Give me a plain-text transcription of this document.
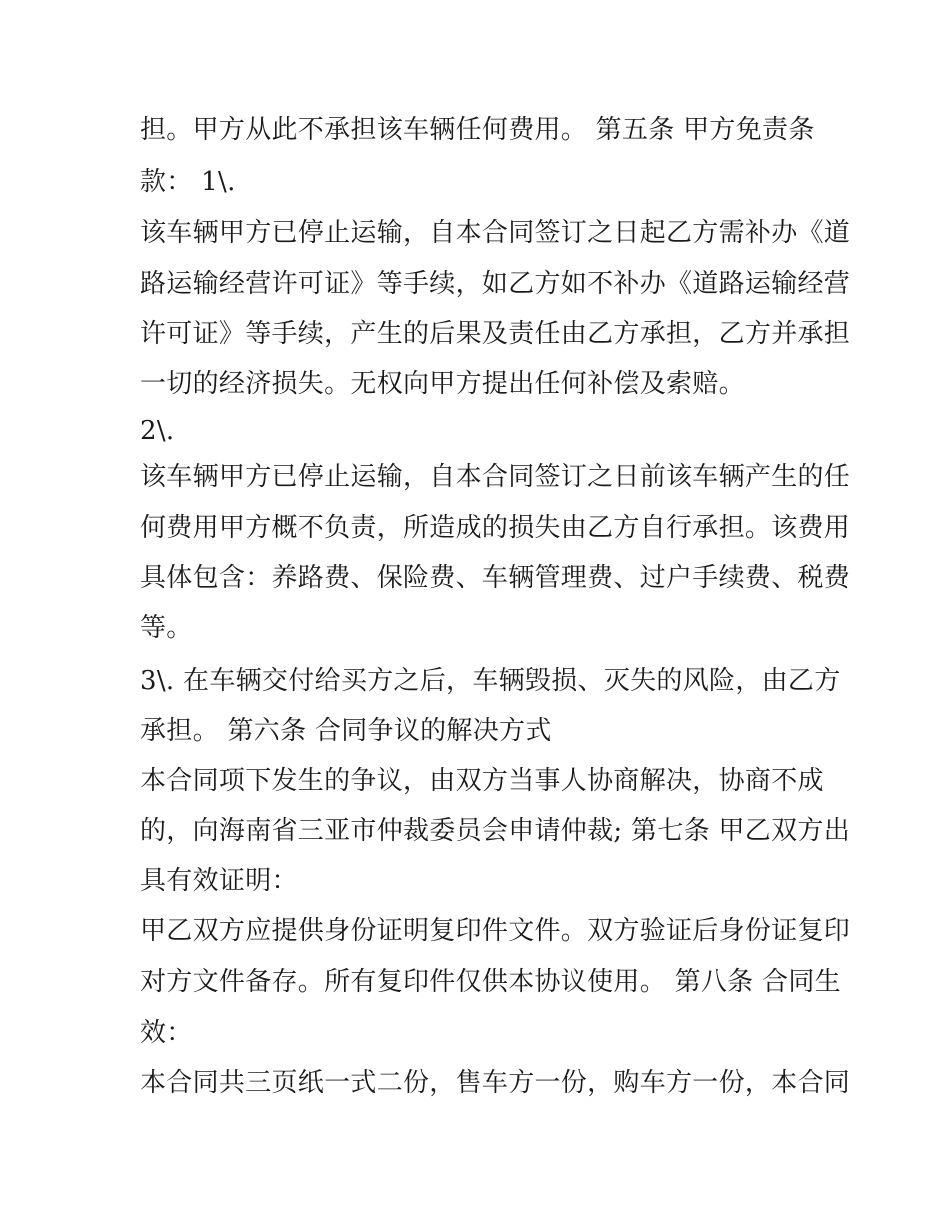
担。甲方从此不承担该车辆任何费用。 第五条 甲方免责条
款： 1\.
该车辆甲方已停止运输，自本合同签订之日起乙方需补办《道
路运输经营许可证》等手续，如乙方如不补办《道路运输经营
许可证》等手续，产生的后果及责任由乙方承担，乙方并承担
一切的经济损失。无权向甲方提出任何补偿及索赔。
2\.
该车辆甲方已停止运输，自本合同签订之日前该车辆产生的任
何费用甲方概不负责，所造成的损失由乙方自行承担。该费用
具体包含：养路费、保险费、车辆管理费、过户手续费、税费
等。
3\. 在车辆交付给买方之后，车辆毁损、灭失的风险，由乙方
承担。 第六条 合同争议的解决方式
本合同项下发生的争议，由双方当事人协商解决，协商不成
的，向海南省三亚市仲裁委员会申请仲裁; 第七条 甲乙双方出
具有效证明：
甲乙双方应提供身份证明复印件文件。双方验证后身份证复印
对方文件备存。所有复印件仅供本协议使用。 第八条 合同生
效：
本合同共三页纸一式二份，售车方一份，购车方一份，本合同
